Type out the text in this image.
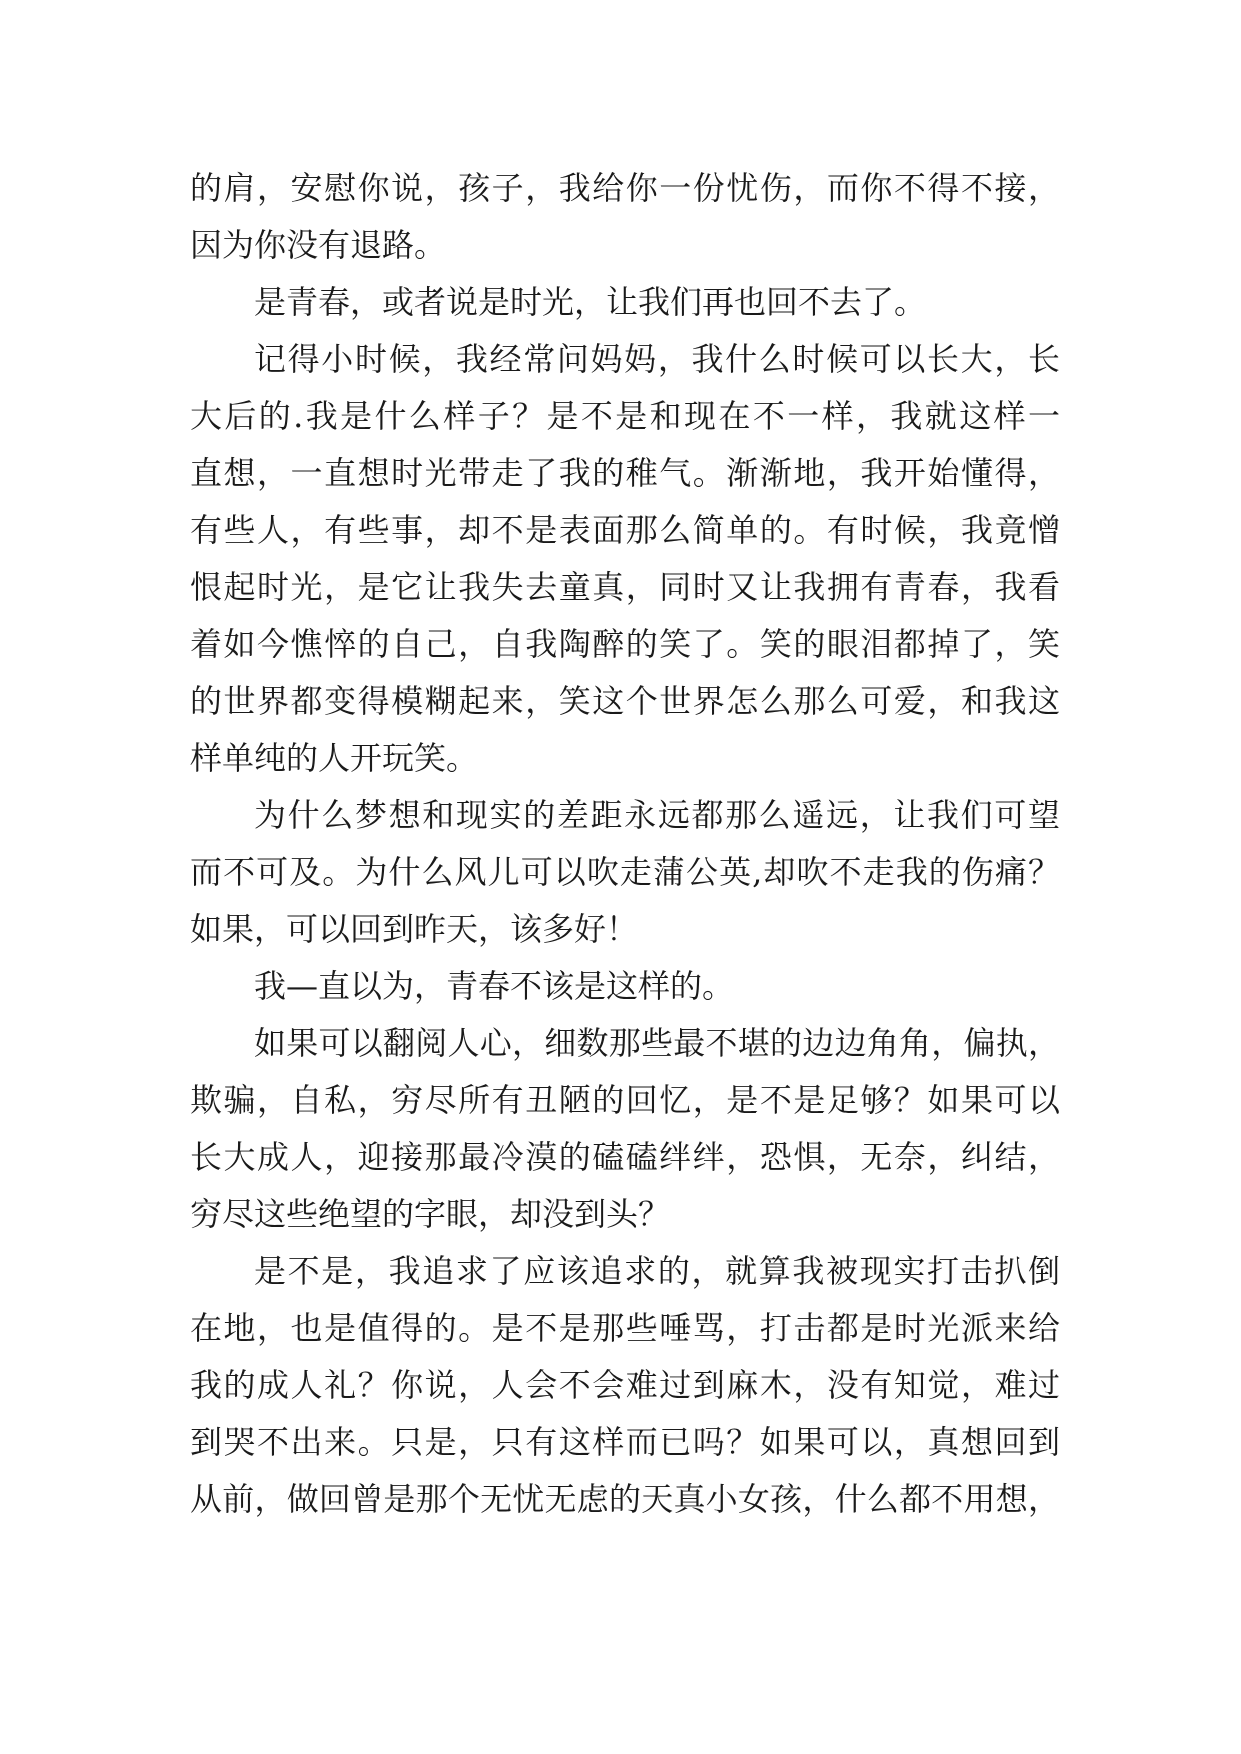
的肩，安慰你说，孩子，我给你一份忧伤，而你不得不接，
因为你没有退路。

是青春，或者说是时光，让我们再也回不去了。

记得小时候，我经常问妈妈，我什么时候可以长大，长
大后的.我是什么样子？是不是和现在不一样，我就这样一
直想，一直想时光带走了我的稚气。渐渐地，我开始懂得，
有些人，有些事，却不是表面那么简单的。有时候，我竟憎
恨起时光，是它让我失去童真，同时又让我拥有青春，我看
着如今憔悴的自己，自我陶醉的笑了。笑的眼泪都掉了，笑
的世界都变得模糊起来，笑这个世界怎么那么可爱，和我这
样单纯的人开玩笑。

为什么梦想和现实的差距永远都那么遥远，让我们可望
而不可及。为什么风儿可以吹走蒲公英,却吹不走我的伤痛？
如果，可以回到昨天，该多好！

我—直以为，青春不该是这样的。

如果可以翻阅人心，细数那些最不堪的边边角角，偏执，
欺骗，自私，穷尽所有丑陋的回忆，是不是足够？如果可以
长大成人，迎接那最冷漠的磕磕绊绊，恐惧，无奈，纠结，
穷尽这些绝望的字眼，却没到头？

是不是，我追求了应该追求的，就算我被现实打击扒倒
在地，也是值得的。是不是那些唾骂，打击都是时光派来给
我的成人礼？你说，人会不会难过到麻木，没有知觉，难过
到哭不出来。只是，只有这样而已吗？如果可以，真想回到
从前，做回曾是那个无忧无虑的天真小女孩，什么都不用想，
